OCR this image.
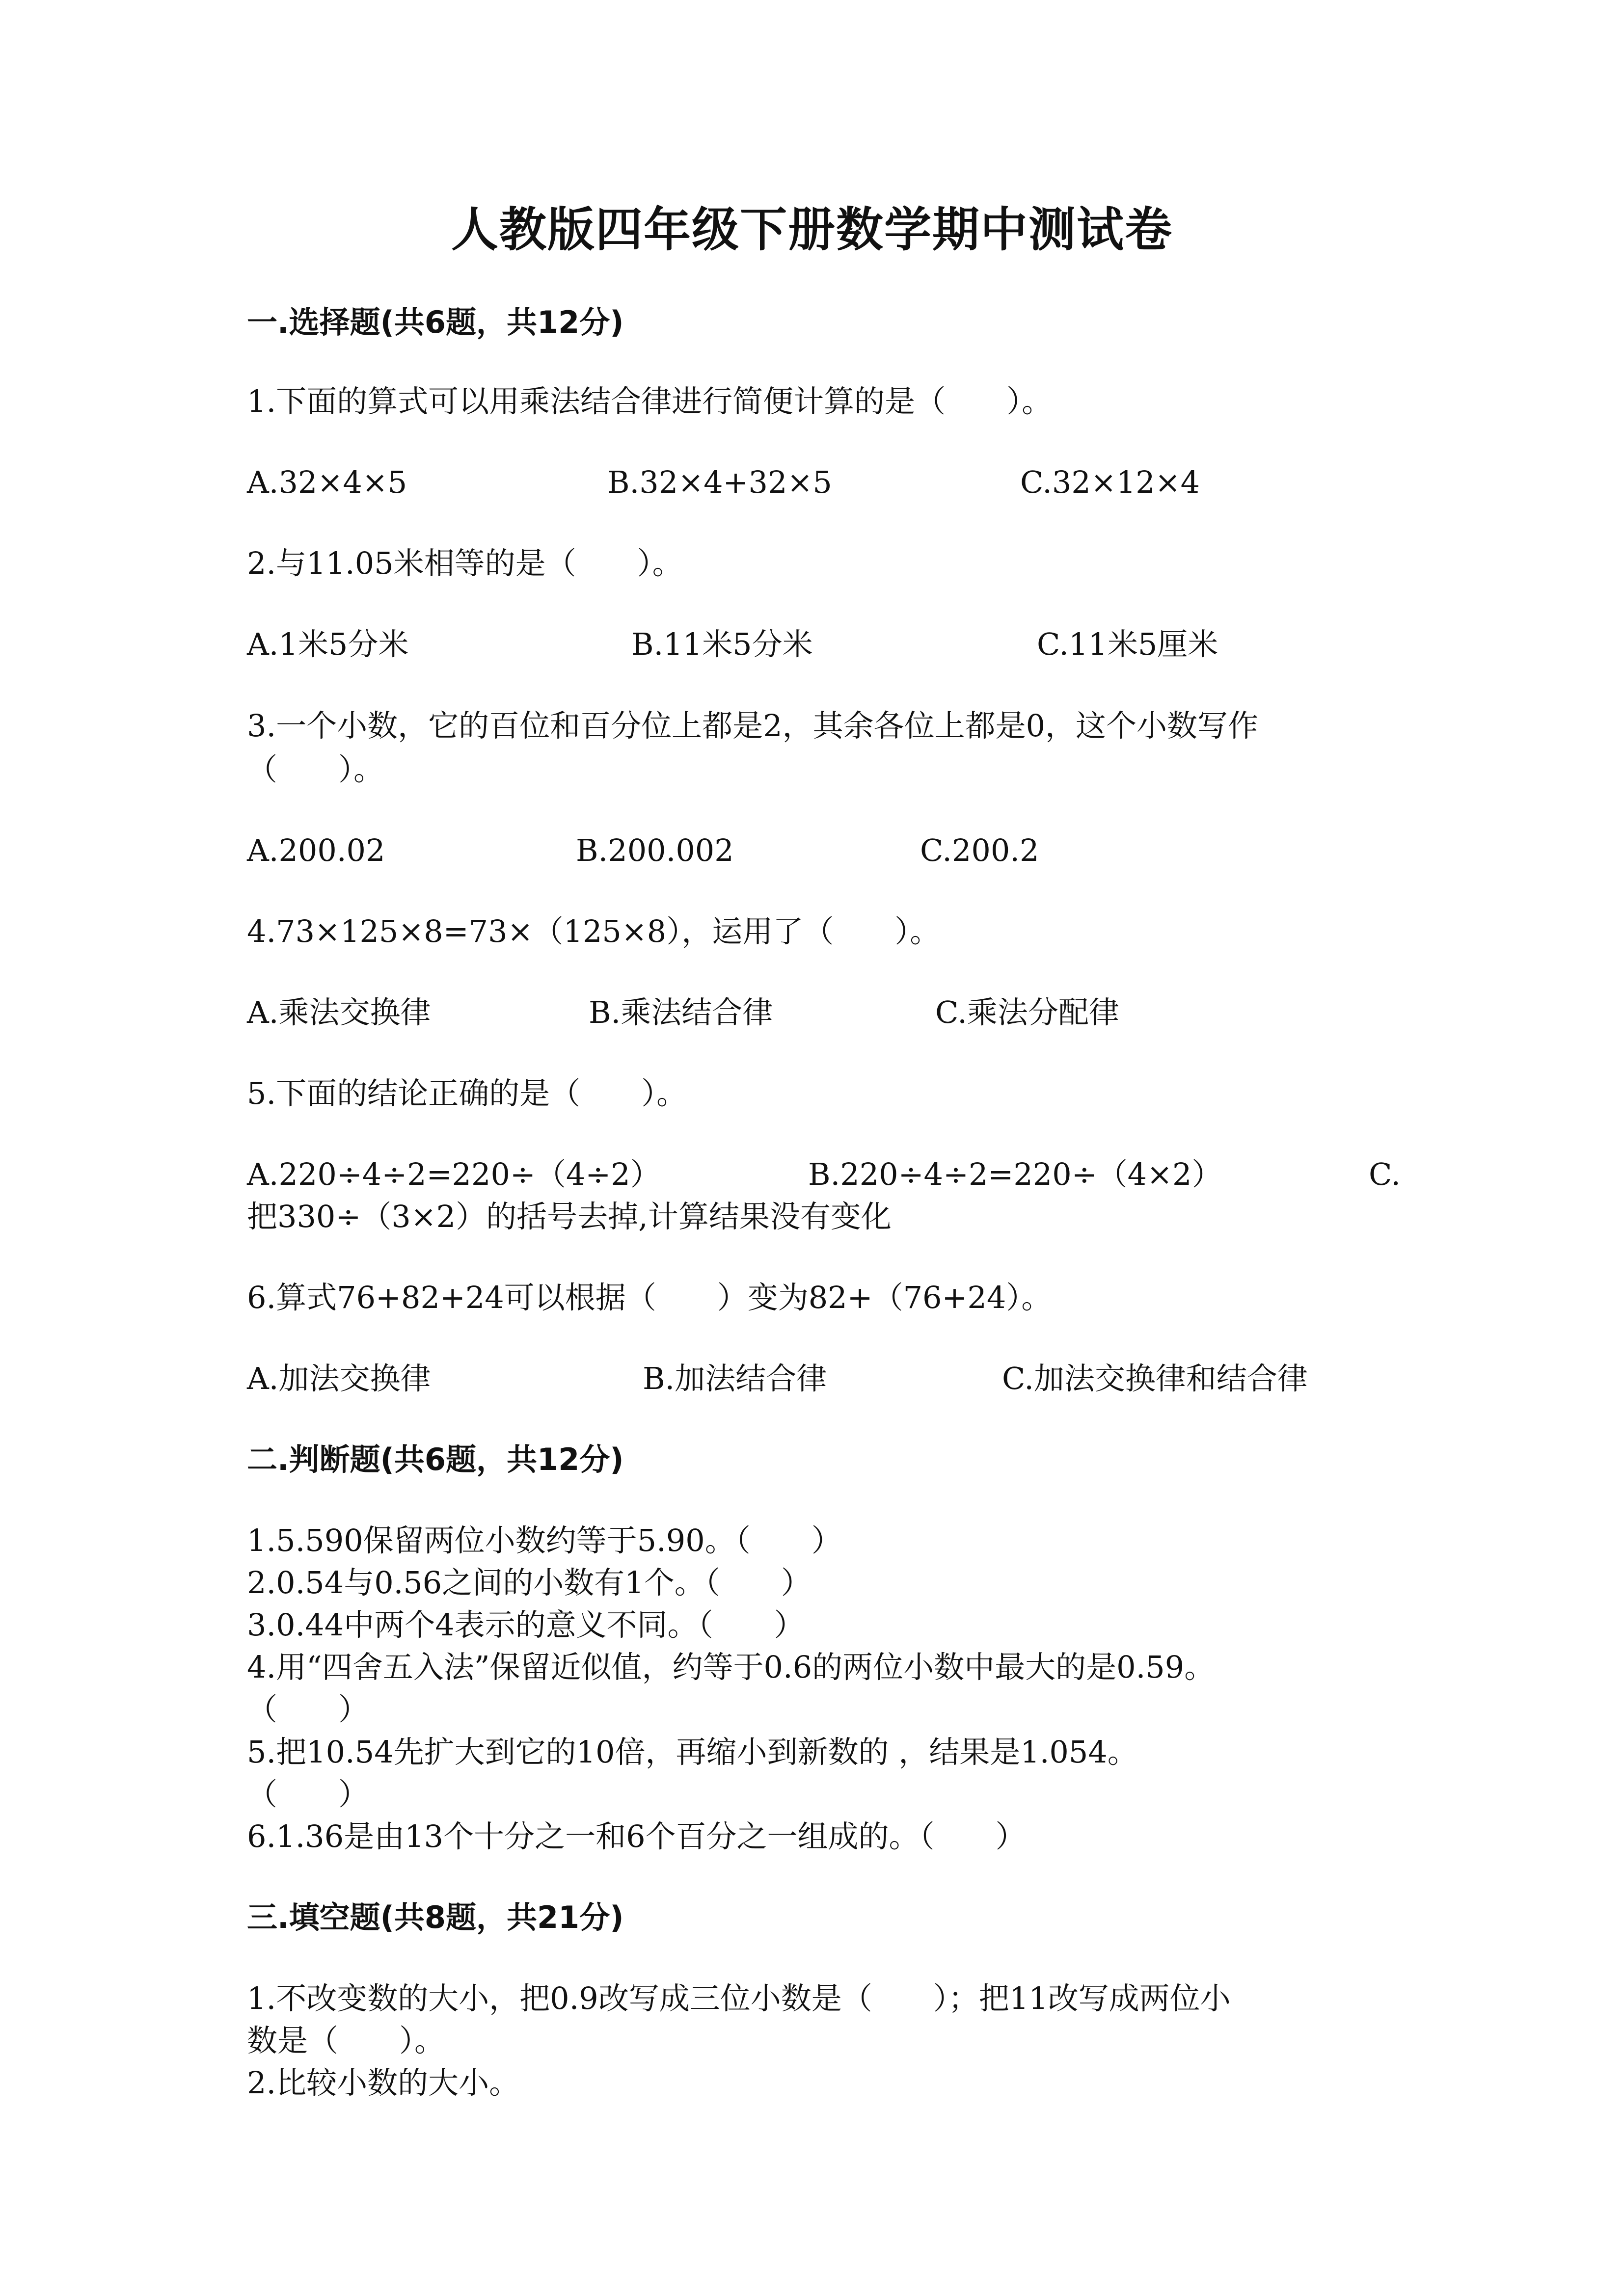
人教版四年级下册数学期中测试卷
一.选择题(共6题，共12分)
1.下面的算式可以用乘法结合律进行简便计算的是（　　）。
A.32×4×5	B.32×4+32×5	C.32×12×4
2.与11.05米相等的是（　　）。
A.1米5分米	B.11米5分米	C.11米5厘米
3.一个小数，它的百位和百分位上都是2，其余各位上都是0，这个小数写作
（　　）。
A.200.02	B.200.002	C.200.2
4.73×125×8=73×（125×8），运用了（　　）。
A.乘法交换律	B.乘法结合律	C.乘法分配律
5.下面的结论正确的是（　　）。
A.220÷4÷2=220÷（4÷2）	B.220÷4÷2=220÷（4×2）	C.
把330÷（3×2）的括号去掉,计算结果没有变化
6.算式76+82+24可以根据（　　）变为82+（76+24）。
A.加法交换律	B.加法结合律	C.加法交换律和结合律
二.判断题(共6题，共12分)
1.5.590保留两位小数约等于5.90。（　　）
2.0.54与0.56之间的小数有1个。（　　）
3.0.44中两个4表示的意义不同。（　　）
4.用“四舍五入法”保留近似值，约等于0.6的两位小数中最大的是0.59。
（　　）
5.把10.54先扩大到它的10倍，再缩小到新数的 ，结果是1.054。
（　　）
6.1.36是由13个十分之一和6个百分之一组成的。（　　）
三.填空题(共8题，共21分)
1.不改变数的大小，把0.9改写成三位小数是（　　）；把11改写成两位小
数是（　　）。
2.比较小数的大小。
